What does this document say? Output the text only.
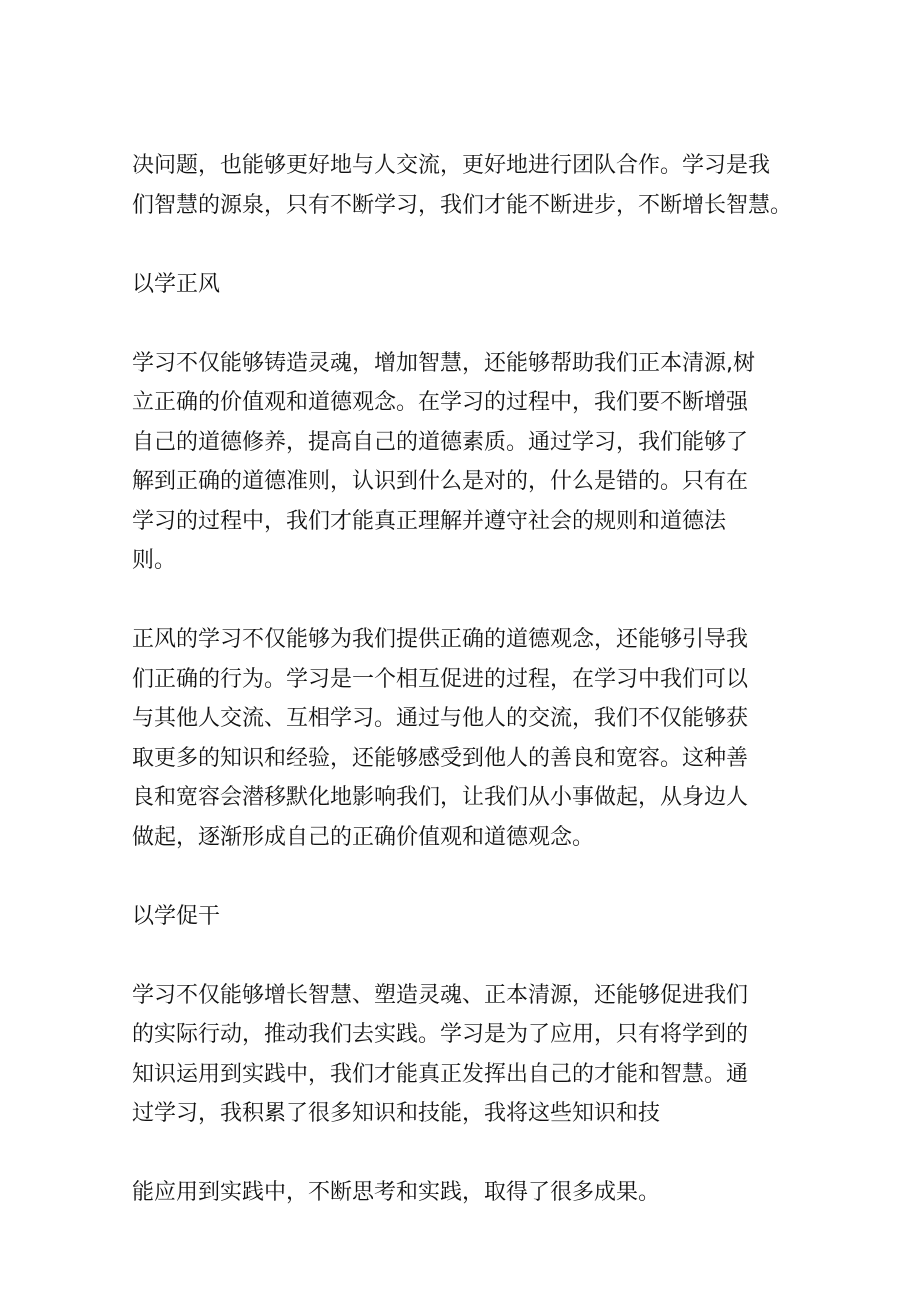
决问题，也能够更好地与人交流，更好地进行团队合作。学习是我
们智慧的源泉，只有不断学习，我们才能不断进步，不断增长智慧。
以学正风
学习不仅能够铸造灵魂，增加智慧，还能够帮助我们正本清源,树
立正确的价值观和道德观念。在学习的过程中，我们要不断增强
自己的道德修养，提高自己的道德素质。通过学习，我们能够了
解到正确的道德准则，认识到什么是对的，什么是错的。只有在
学习的过程中，我们才能真正理解并遵守社会的规则和道德法
则。
正风的学习不仅能够为我们提供正确的道德观念，还能够引导我
们正确的行为。学习是一个相互促进的过程，在学习中我们可以
与其他人交流、互相学习。通过与他人的交流，我们不仅能够获
取更多的知识和经验，还能够感受到他人的善良和宽容。这种善
良和宽容会潜移默化地影响我们，让我们从小事做起，从身边人
做起，逐渐形成自己的正确价值观和道德观念。
以学促干
学习不仅能够增长智慧、塑造灵魂、正本清源，还能够促进我们
的实际行动，推动我们去实践。学习是为了应用，只有将学到的
知识运用到实践中，我们才能真正发挥出自己的才能和智慧。通
过学习，我积累了很多知识和技能，我将这些知识和技
能应用到实践中，不断思考和实践，取得了很多成果。
